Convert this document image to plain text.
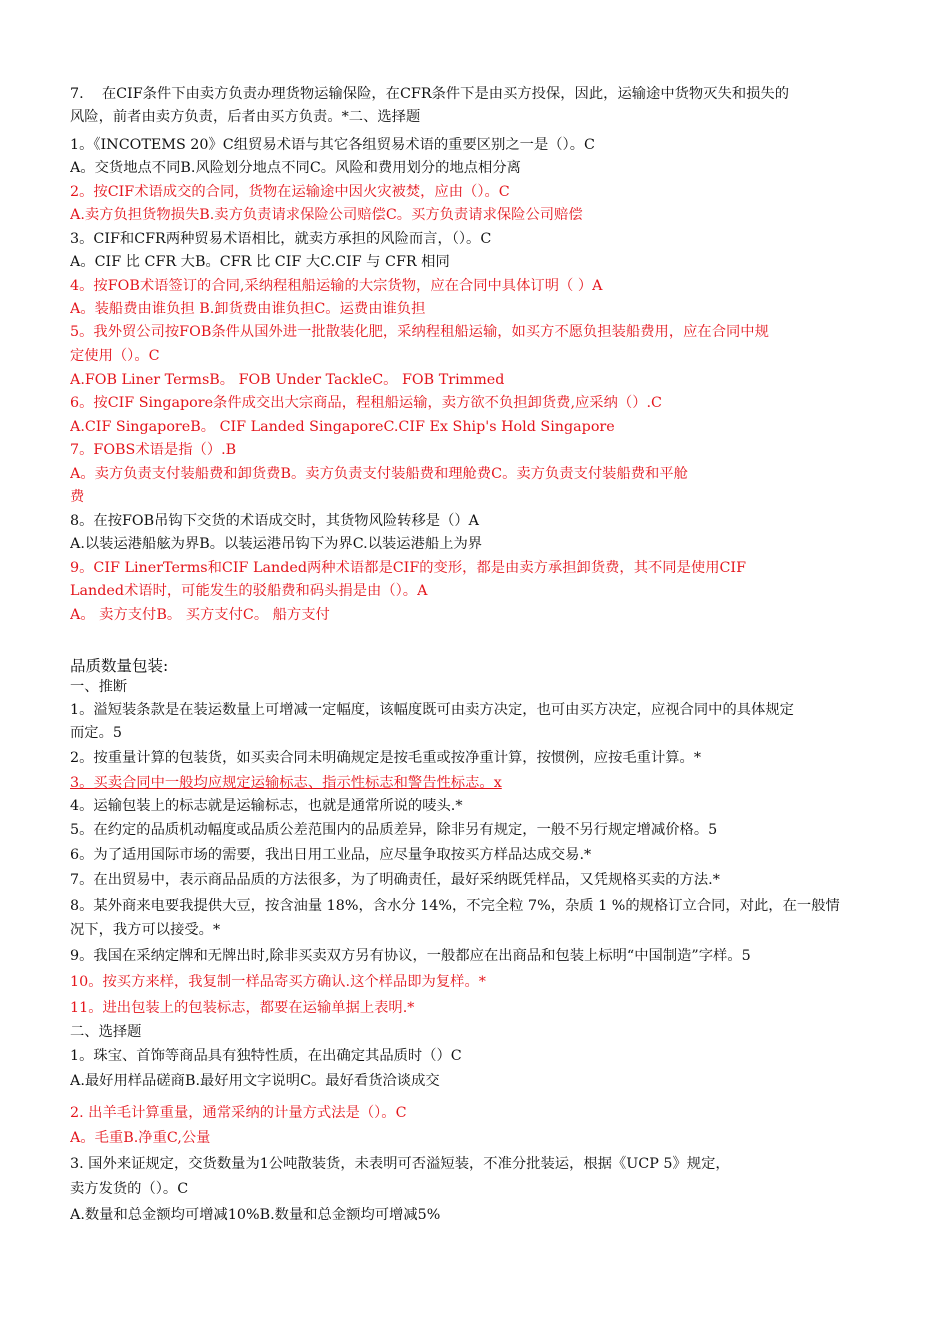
7.    在CIF条件下由卖方负责办理货物运输保险，在CFR条件下是由买方投保，因此，运输途中货物灭失和损失的
风险，前者由卖方负责，后者由买方负责。*二、选择题
1。《INCOTEMS 20》C组贸易术语与其它各组贸易术语的重要区别之一是（）。C
A。交货地点不同B.风险划分地点不同C。风险和费用划分的地点相分离
2。按CIF术语成交的合同，货物在运输途中因火灾被焚，应由（）。C
A.卖方负担货物损失B.卖方负责请求保险公司赔偿C。买方负责请求保险公司赔偿
3。CIF和CFR两种贸易术语相比，就卖方承担的风险而言，（）。C
A。CIF 比 CFR 大B。CFR 比 CIF 大C.CIF 与 CFR 相同
4。按FOB术语签订的合同,采纳程租船运输的大宗货物，应在合同中具体订明（ ）A
A。装船费由谁负担 B.卸货费由谁负担C。运费由谁负担
5。我外贸公司按FOB条件从国外进一批散装化肥，采纳程租船运输，如买方不愿负担装船费用，应在合同中规
定使用（）。C
A.FOB Liner TermsB。 FOB Under TackleC。 FOB Trimmed
6。按CIF Singapore条件成交出大宗商品，程租船运输，卖方欲不负担卸货费,应采纳（）.C
A.CIF SingaporeB。 CIF Landed SingaporeC.CIF Ex Ship's Hold Singapore
7。FOBS术语是指（）.B
A。卖方负责支付装船费和卸货费B。卖方负责支付装船费和理舱费C。卖方负责支付装船费和平舱
费
8。在按FOB吊钩下交货的术语成交时，其货物风险转移是（）A
A.以装运港船舷为界B。以装运港吊钩下为界C.以装运港船上为界
9。CIF LinerTerms和CIF Landed两种术语都是CIF的变形，都是由卖方承担卸货费，其不同是使用CIF
Landed术语时，可能发生的驳船费和码头捐是由（）。A
A。 卖方支付B。 买方支付C。 船方支付
品质数量包装:
一、推断
1。溢短装条款是在装运数量上可增减一定幅度，该幅度既可由卖方决定，也可由买方决定，应视合同中的具体规定
而定。5
2。按重量计算的包装货，如买卖合同未明确规定是按毛重或按净重计算，按惯例，应按毛重计算。*
3。买卖合同中一般均应规定运输标志、指示性标志和警告性标志。x
4。运输包装上的标志就是运输标志，也就是通常所说的唛头.*
5。在约定的品质机动幅度或品质公差范围内的品质差异，除非另有规定，一般不另行规定增减价格。5
6。为了适用国际市场的需要，我出日用工业品，应尽量争取按买方样品达成交易.*
7。在出贸易中，表示商品品质的方法很多，为了明确责任，最好采纳既凭样品，又凭规格买卖的方法.*
8。某外商来电要我提供大豆，按含油量 18%，含水分 14%，不完全粒 7%，杂质 1 %的规格订立合同，对此，在一般情
况下，我方可以接受。*
9。我国在采纳定牌和无牌出时,除非买卖双方另有协议，一般都应在出商品和包装上标明“中国制造”字样。5
10。按买方来样，我复制一样品寄买方确认.这个样品即为复样。*
11。进出包装上的包装标志，都要在运输单据上表明.*
二、选择题
1。珠宝、首饰等商品具有独特性质，在出确定其品质时（）C
A.最好用样品磋商B.最好用文字说明C。最好看货洽谈成交
2. 出羊毛计算重量，通常采纳的计量方式法是（）。C
A。毛重B.净重C,公量
3. 国外来证规定，交货数量为1公吨散装货，未表明可否溢短装，不准分批装运，根据《UCP 5》规定，
卖方发货的（）。C
A.数量和总金额均可增减10%B.数量和总金额均可增减5%
